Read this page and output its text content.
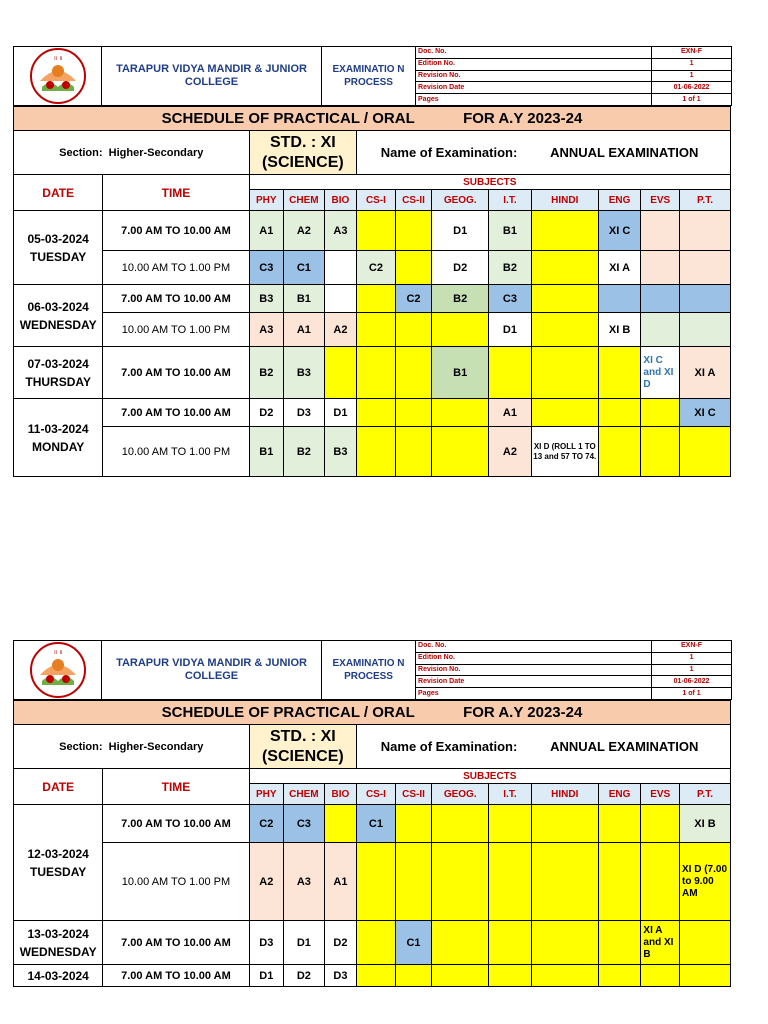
॥ ॥	TARAPUR VIDYA MANDIR & JUNIOR COLLEGE	EXAMINATIO N PROCESS	Doc. No.	EXN-F
			Edition No.	1
			Revision No.	1
			Revision Date	01-06-2022
			Pages	1 of 1
SCHEDULE OF PRACTICAL / ORAL FOR A.Y 2023-24												
Section: Higher-Secondary		STD. : XI
(SCIENCE)			Name of Examination: ANNUAL EXAMINATION							
DATE	TIME	SUBJECTS										
		PHY	CHEM	BIO	CS-I	CS-II	GEOG.	I.T.	HINDI	ENG	EVS	P.T.

05-03-2024
TUESDAY	7.00 AM TO 10.00 AM	A1	A2	A3			D1	B1		XI C		
	10.00 AM TO 1.00 PM	C3	C1		C2		D2	B2		XI A		

06-03-2024
WEDNESDAY	7.00 AM TO 10.00 AM	B3	B1			C2	B2	C3				
	10.00 AM TO 1.00 PM	A3	A1	A2				D1		XI B		

07-03-2024
THURSDAY	7.00 AM TO 10.00 AM	B2	B3				B1				XI C and XI D	XI A

11-03-2024
MONDAY	7.00 AM TO 10.00 AM	D2	D3	D1				A1				XI C
	10.00 AM TO 1.00 PM	B1	B2	B3				A2	XI D (ROLL 1 TO 13 and 57 TO 74.			
॥ ॥	TARAPUR VIDYA MANDIR & JUNIOR COLLEGE	EXAMINATIO N PROCESS	Doc. No.	EXN-F
			Edition No.	1
			Revision No.	1
			Revision Date	01-06-2022
			Pages	1 of 1
SCHEDULE OF PRACTICAL / ORAL FOR A.Y 2023-24												
Section: Higher-Secondary		STD. : XI
(SCIENCE)			Name of Examination: ANNUAL EXAMINATION							
DATE	TIME	SUBJECTS										
		PHY	CHEM	BIO	CS-I	CS-II	GEOG.	I.T.	HINDI	ENG	EVS	P.T.

12-03-2024
TUESDAY	7.00 AM TO 10.00 AM	C2	C3		C1							XI B
	10.00 AM TO 1.00 PM	A2	A3	A1								XI D (7.00 to 9.00 AM

13-03-2024
WEDNESDAY	7.00 AM TO 10.00 AM	D3	D1	D2		C1					XI A and XI B	

14-03-2024	7.00 AM TO 10.00 AM	D1	D2	D3								
